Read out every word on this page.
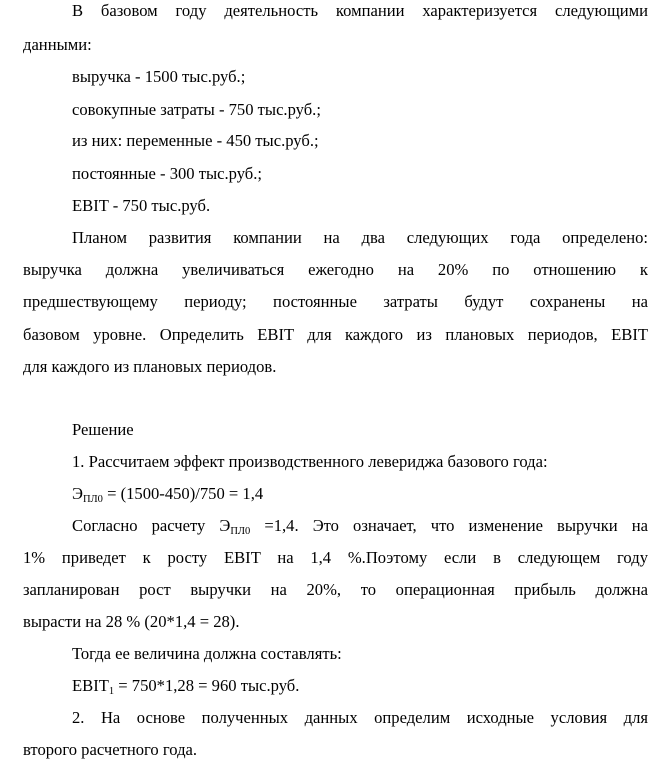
В базовом году деятельность компании характеризуется следующими
данными:
выручка - 1500 тыс.руб.;
совокупные затраты - 750 тыс.руб.;
из них: переменные - 450 тыс.руб.;
постоянные - 300 тыс.руб.;
EBIT - 750 тыс.руб.
Планом развития компании на два следующих года определено:
выручка должна увеличиваться ежегодно на 20% по отношению к
предшествующему периоду; постоянные затраты будут сохранены на
базовом уровне. Определить EBIT для каждого из плановых периодов, EBIT
для каждого из плановых периодов.
Решение
1. Рассчитаем эффект производственного левериджа базового года:
$Э_{ПЛ0} = (1500-450)/750 = 1,4$
Согласно расчету $Э_{ПЛ0} =1,4$. Это означает, что изменение выручки на
1% приведет к росту EBIT на 1,4 %.Поэтому если в следующем году
запланирован рост выручки на 20%, то операционная прибыль должна
вырасти на 28 % (20*1,4 = 28).
Тогда ее величина должна составлять:
$EBIT_1 = 750*1,28 = 960$ тыс.руб.
2. На основе полученных данных определим исходные условия для
второго расчетного года.
